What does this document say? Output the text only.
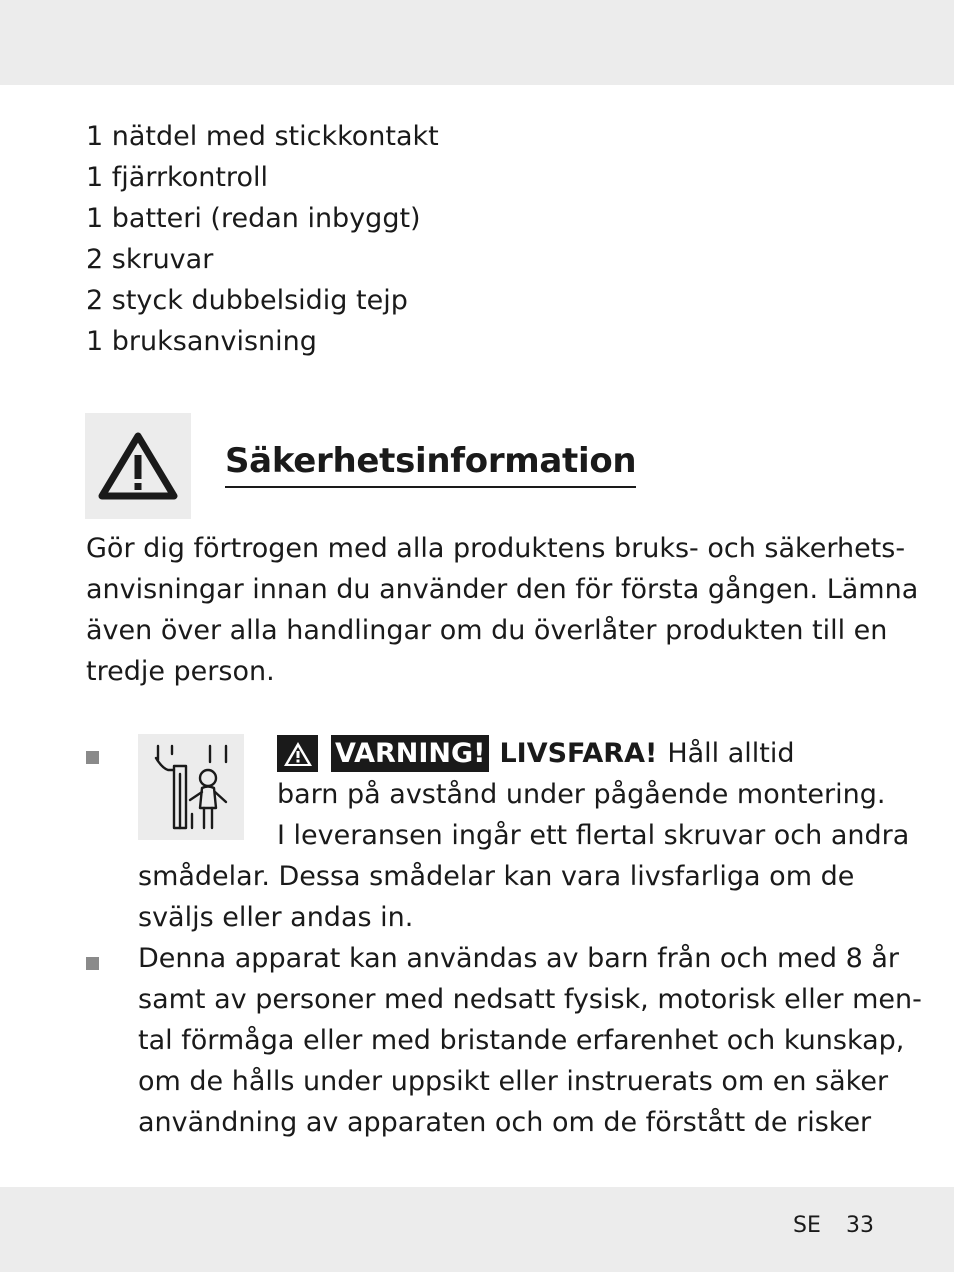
1 nätdel med stickkontakt
1 fjärrkontroll
1 batteri (redan inbyggt)
2 skruvar
2 styck dubbelsidig tejp
1 bruksanvisning
Säkerhetsinformation
Gör dig förtrogen med alla produktens bruks- och säkerhets-
anvisningar innan du använder den för första gången. Lämna
även över alla handlingar om du överlåter produkten till en
tredje person.
VARNING! LIVSFARA! Håll alltid
barn på avstånd under pågående montering.
I leveransen ingår ett flertal skruvar och andra
smådelar. Dessa smådelar kan vara livsfarliga om de
sväljs eller andas in.
Denna apparat kan användas av barn från och med 8 år
samt av personer med nedsatt fysisk, motorisk eller men-
tal förmåga eller med bristande erfarenhet och kunskap,
om de hålls under uppsikt eller instruerats om en säker
användning av apparaten och om de förstått de risker
SE 33
